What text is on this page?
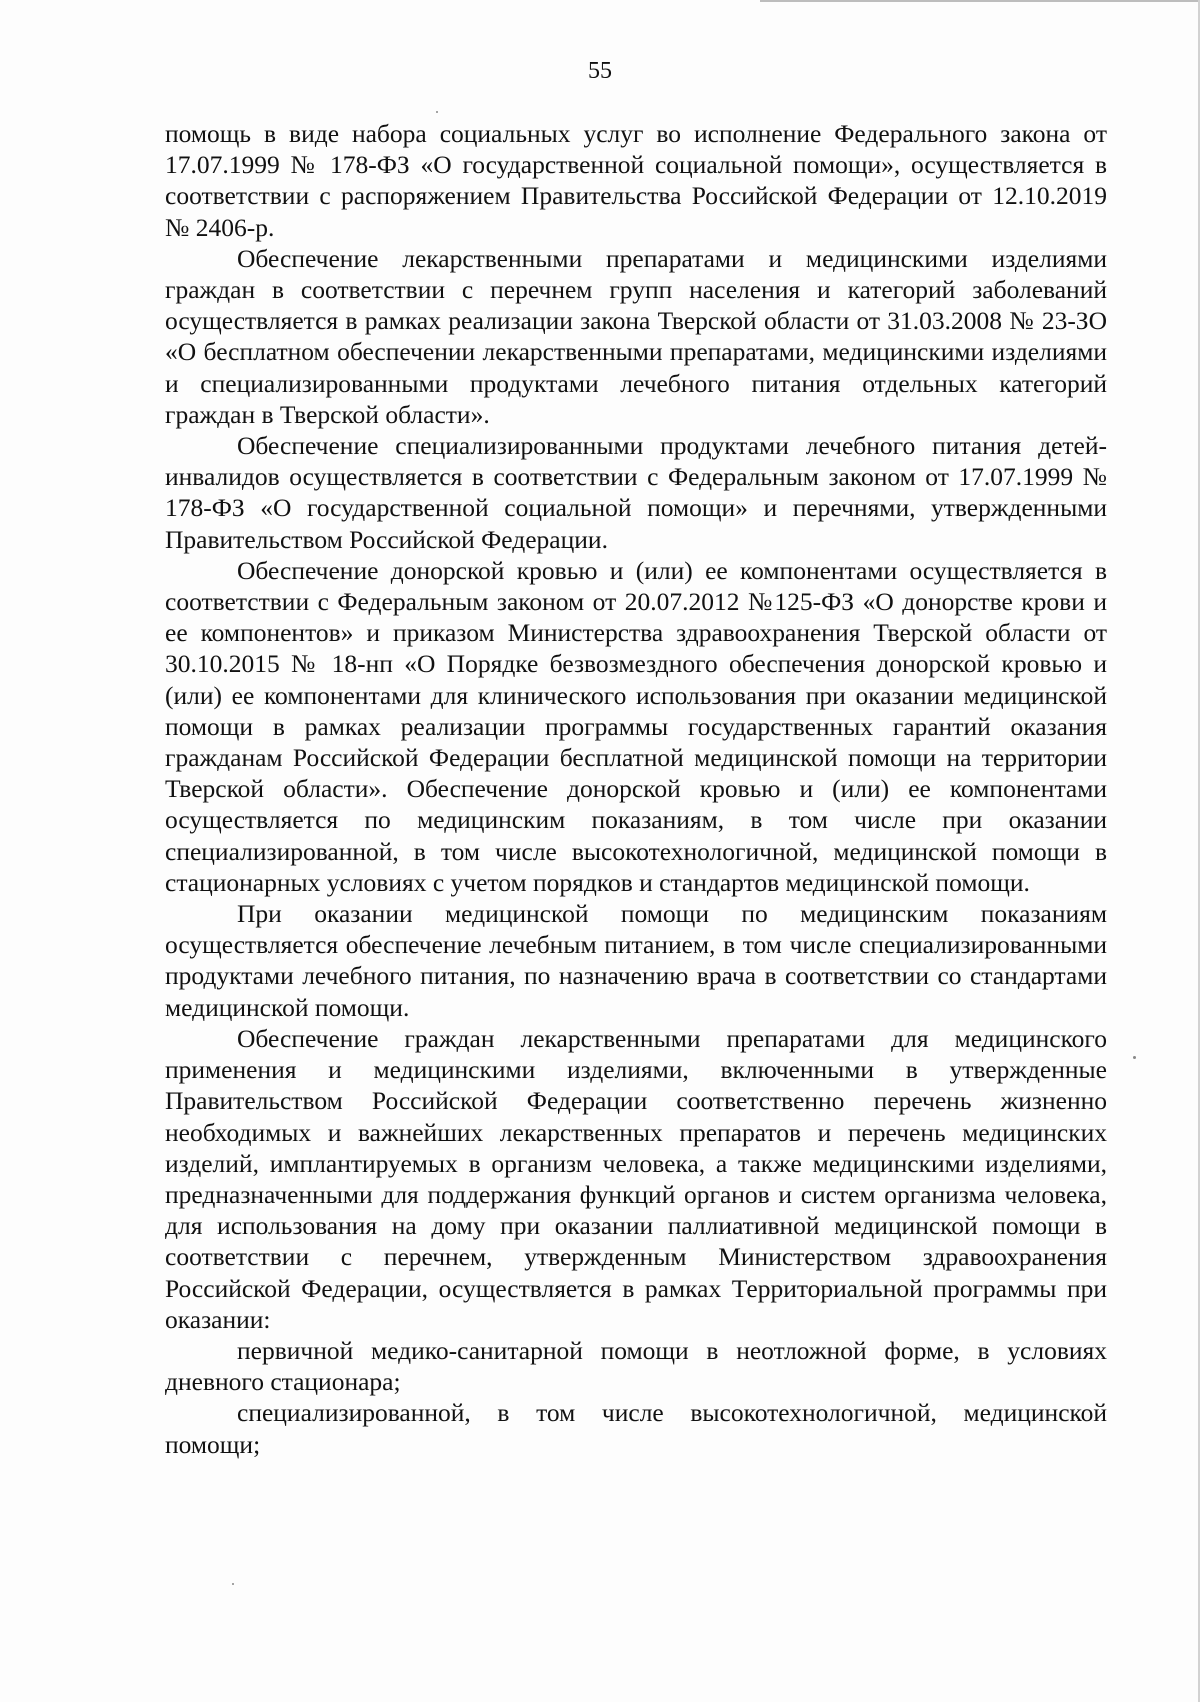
55

помощь в виде набора социальных услуг во исполнение Федерального закона от 17.07.1999 № 178-ФЗ «О государственной социальной помощи», осуществляется в соответствии с распоряжением Правительства Российской Федерации от 12.10.2019 № 2406-р.

Обеспечение лекарственными препаратами и медицинскими изделиями граждан в соответствии с перечнем групп населения и категорий заболеваний осуществляется в рамках реализации закона Тверской области от 31.03.2008 № 23-ЗО «О бесплатном обеспечении лекарственными препаратами, медицинскими изделиями и специализированными продуктами лечебного питания отдельных категорий граждан в Тверской области».

Обеспечение специализированными продуктами лечебного питания детей-инвалидов осуществляется в соответствии с Федеральным законом от 17.07.1999 № 178-ФЗ «О государственной социальной помощи» и перечнями, утвержденными Правительством Российской Федерации.

Обеспечение донорской кровью и (или) ее компонентами осуществляется в соответствии с Федеральным законом от 20.07.2012 №125-ФЗ «О донорстве крови и ее компонентов» и приказом Министерства здравоохранения Тверской области от 30.10.2015 № 18-нп «О Порядке безвозмездного обеспечения донорской кровью и (или) ее компонентами для клинического использования при оказании медицинской помощи в рамках реализации программы государственных гарантий оказания гражданам Российской Федерации бесплатной медицинской помощи на территории Тверской области». Обеспечение донорской кровью и (или) ее компонентами осуществляется по медицинским показаниям, в том числе при оказании специализированной, в том числе высокотехнологичной, медицинской помощи в стационарных условиях с учетом порядков и стандартов медицинской помощи.

При оказании медицинской помощи по медицинским показаниям осуществляется обеспечение лечебным питанием, в том числе специализированными продуктами лечебного питания, по назначению врача в соответствии со стандартами медицинской помощи.

Обеспечение граждан лекарственными препаратами для медицинского применения и медицинскими изделиями, включенными в утвержденные Правительством Российской Федерации соответственно перечень жизненно необходимых и важнейших лекарственных препаратов и перечень медицинских изделий, имплантируемых в организм человека, а также медицинскими изделиями, предназначенными для поддержания функций органов и систем организма человека, для использования на дому при оказании паллиативной медицинской помощи в соответствии с перечнем, утвержденным Министерством здравоохранения Российской Федерации, осуществляется в рамках Территориальной программы при оказании:

первичной медико-санитарной помощи в неотложной форме, в условиях дневного стационара;

специализированной, в том числе высокотехнологичной, медицинской помощи;
